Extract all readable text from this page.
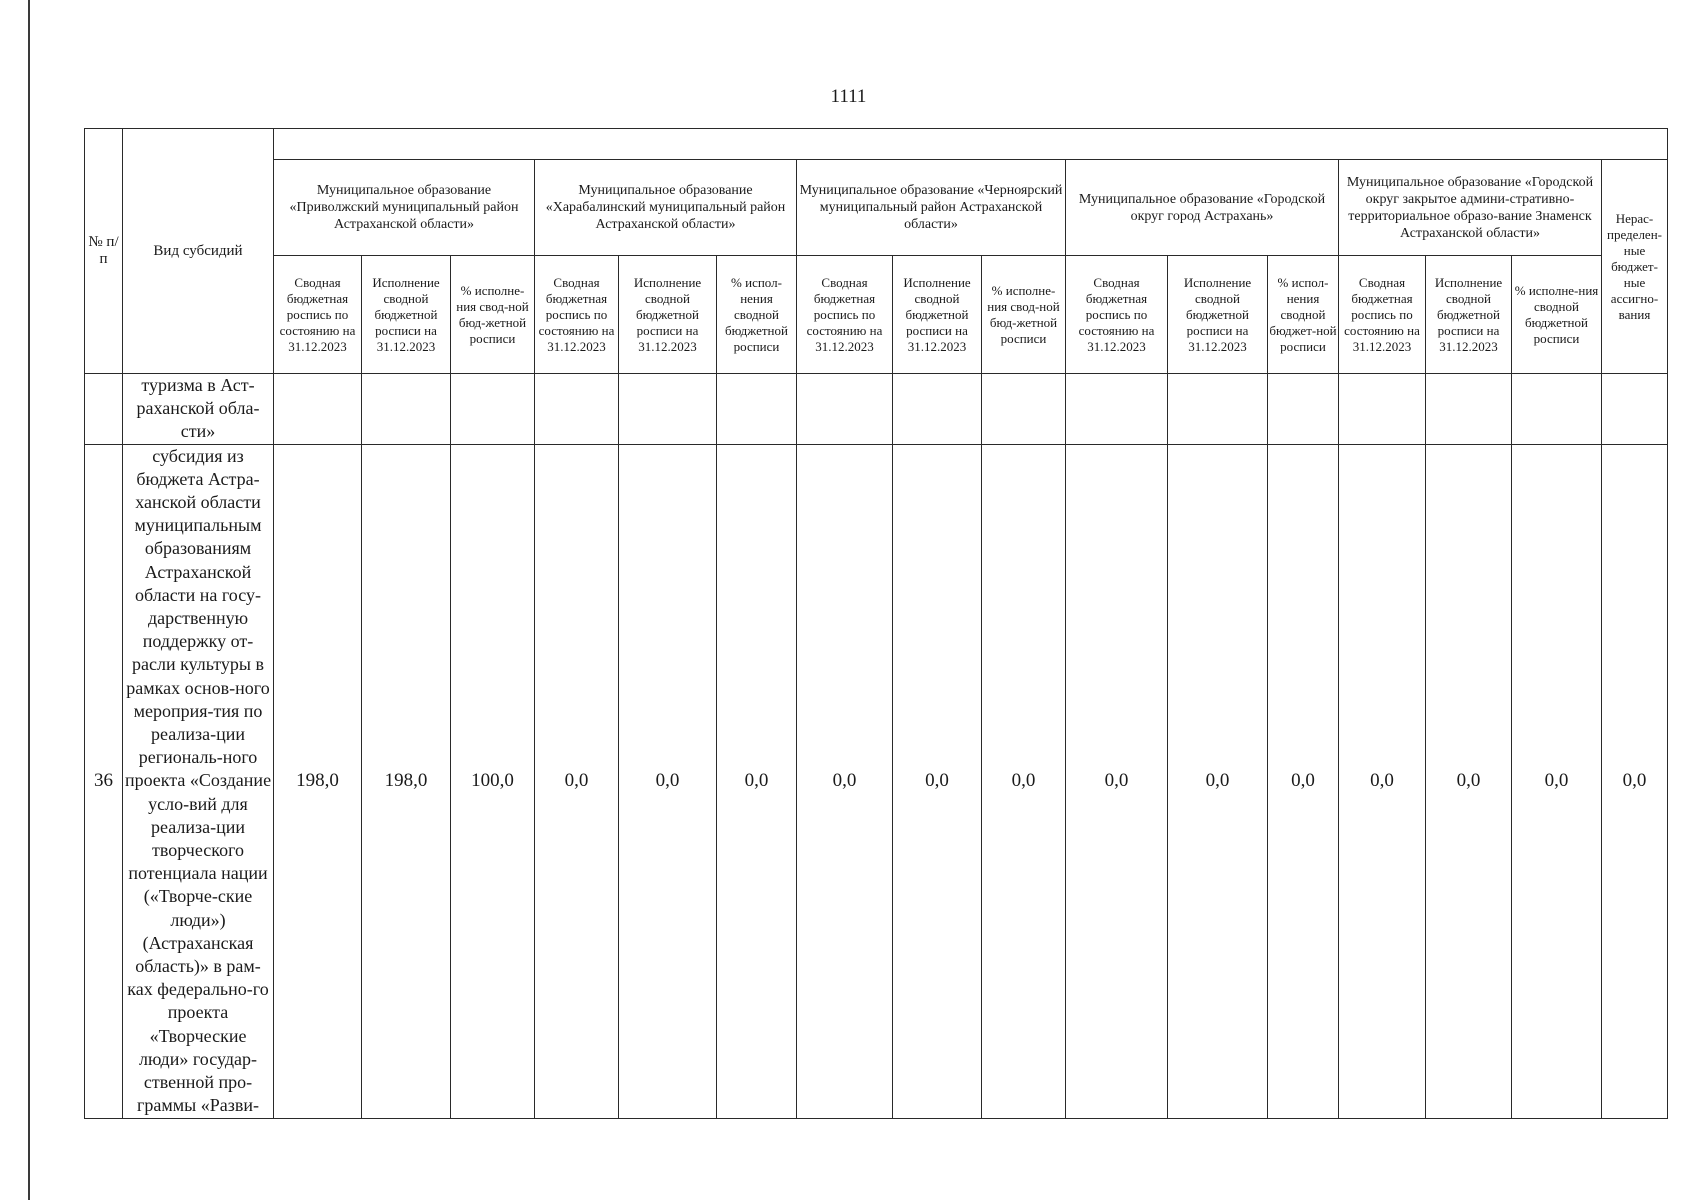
1111
№ п/п	Вид субсидий																
		Муниципальное образование «Приволжский муниципальный район Астраханской области»			Муниципальное образование «Харабалинский муниципальный район Астраханской области»			Муниципальное образование «Черноярский муниципальный район Астраханской области»			Муниципальное образование «Городской округ город Астрахань»			Муниципальное образование «Городской округ закрытое админи-стративно-территориальное образо-вание Знаменск Астраханской области»			Нерас-пределен-ные бюджет-ные ассигно-вания
		Сводная бюджетная роспись по состоянию на 31.12.2023	Исполнение сводной бюджетной росписи на 31.12.2023	% исполне-ния свод-ной бюд-жетной росписи	Сводная бюджетная роспись по состоянию на 31.12.2023	Исполнение сводной бюджетной росписи на 31.12.2023	% испол-нения сводной бюджетной росписи	Сводная бюджетная роспись по состоянию на 31.12.2023	Исполнение сводной бюджетной росписи на 31.12.2023	% исполне-ния свод-ной бюд-жетной росписи	Сводная бюджетная роспись по состоянию на 31.12.2023	Исполнение сводной бюджетной росписи на 31.12.2023	% испол-нения сводной бюджет-ной росписи	Сводная бюджетная роспись по состоянию на 31.12.2023	Исполнение сводной бюджетной росписи на 31.12.2023	% исполне-ния сводной бюджетной росписи	
	туризма в Аст-раханской обла-сти»																
36	субсидия из бюджета Астра-ханской области муниципальным образованиям Астраханской области на госу-дарственную поддержку от-расли культуры в рамках основ-ного мероприя-тия по реализа-ции региональ-ного проекта «Создание усло-вий для реализа-ции творческого потенциала нации («Творче-ские люди») (Астраханская область)» в рам-ках федерально-го проекта «Творческие люди» государ-ственной про-граммы «Разви-	198,0	198,0	100,0	0,0	0,0	0,0	0,0	0,0	0,0	0,0	0,0	0,0	0,0	0,0	0,0	0,0
